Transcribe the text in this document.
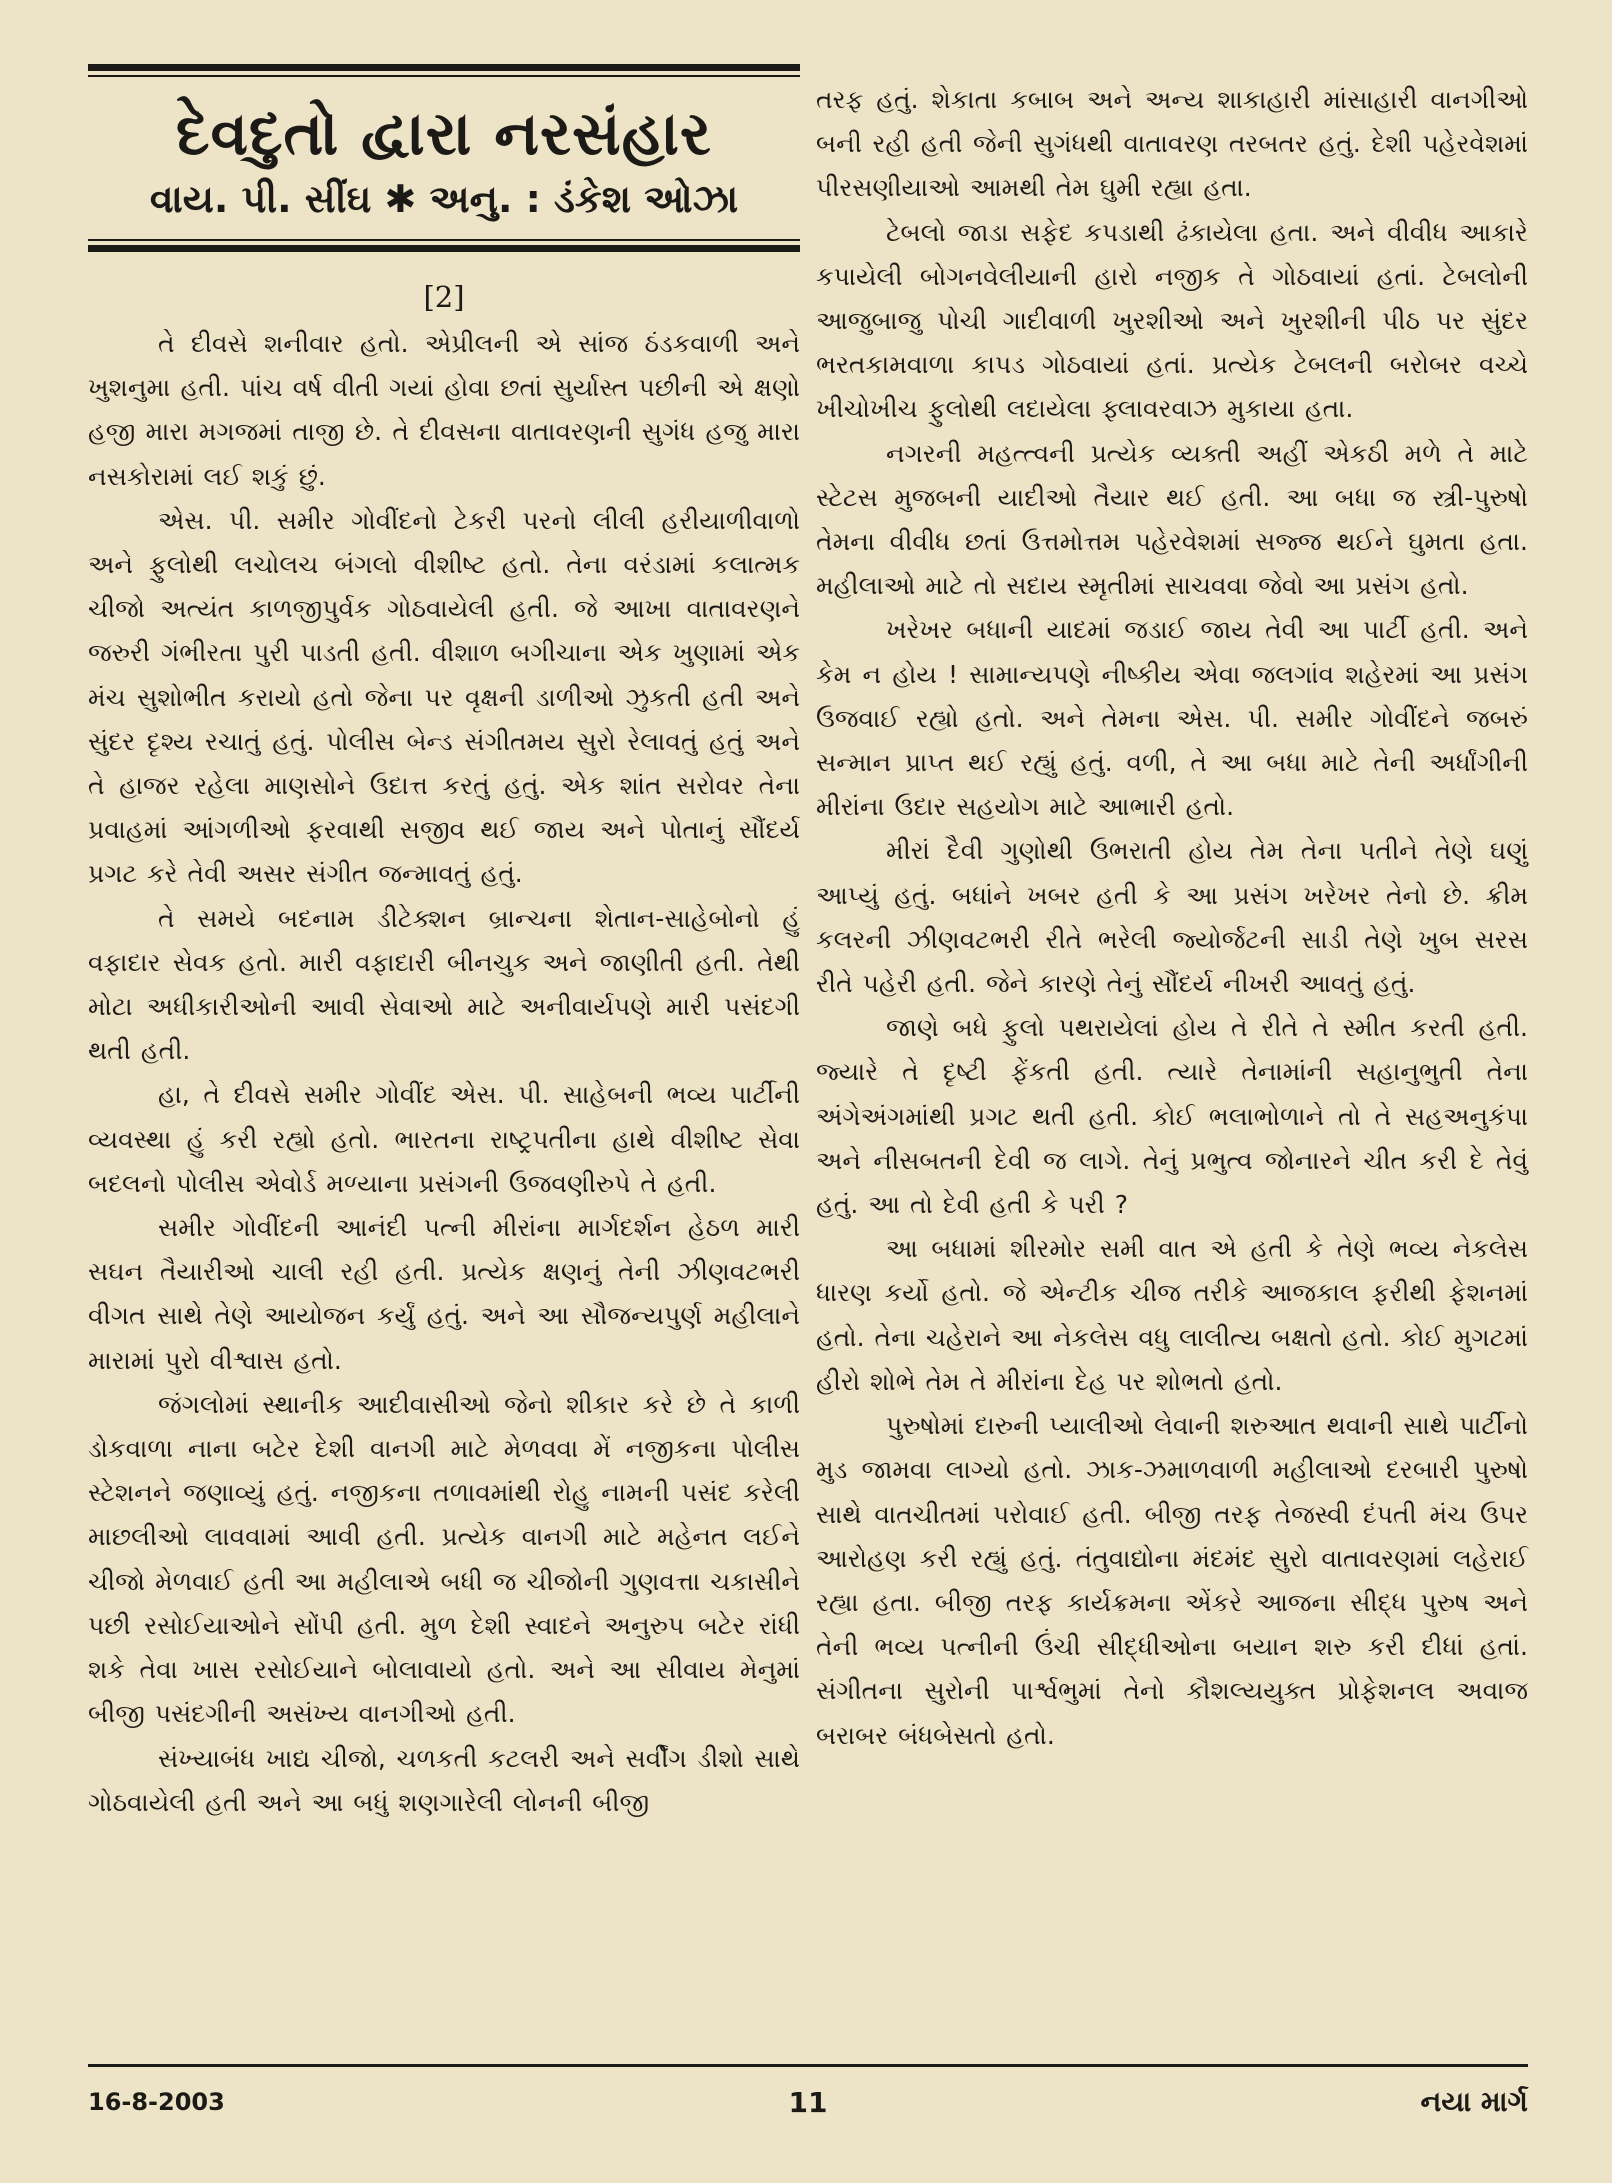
દેવદુતો દ્વારા નરસંહાર
વાય. પી. સીંઘ ✱ અનુ. : ડંકેશ ઓઝા
[2]

તે દીવસે શનીવાર હતો. એપ્રીલની એ સાંજ ઠંડકવાળી અને ખુશનુમા હતી. પાંચ વર્ષ વીતી ગયાં હોવા છતાં સુર્યાસ્ત પછીની એ ક્ષણો હજી મારા મગજમાં તાજી છે. તે દીવસના વાતાવરણની સુગંધ હજુ મારા નસકોરામાં લઈ શકું છું.

એસ. પી. સમીર ગોવીંદનો ટેકરી પરનો લીલી હરીયાળીવાળો અને ફુલોથી લચોલચ બંગલો વીશીષ્ટ હતો. તેના વરંડામાં કલાત્મક ચીજો અત્યંત કાળજીપુર્વક ગોઠવાયેલી હતી. જે આખા વાતાવરણને જરુરી ગંભીરતા પુરી પાડતી હતી. વીશાળ બગીચાના એક ખુણામાં એક મંચ સુશોભીત કરાયો હતો જેના પર વૃક્ષની ડાળીઓ ઝુકતી હતી અને સુંદર દૃશ્ય રચાતું હતું. પોલીસ બેન્ડ સંગીતમય સુરો રેલાવતું હતું અને તે હાજર રહેલા માણસોને ઉદાત્ત કરતું હતું. એક શાંત સરોવર તેના પ્રવાહમાં આંગળીઓ ફરવાથી સજીવ થઈ જાય અને પોતાનું સૌંદર્ય પ્રગટ કરે તેવી અસર સંગીત જન્માવતું હતું.

તે સમયે બદનામ ડીટેક્શન બ્રાન્ચના શેતાન-સાહેબોનો હું વફાદાર સેવક હતો. મારી વફાદારી બીનચુક અને જાણીતી હતી. તેથી મોટા અધીકારીઓની આવી સેવાઓ માટે અનીવાર્યપણે મારી પસંદગી થતી હતી.

હા, તે દીવસે સમીર ગોવીંદ એસ. પી. સાહેબની ભવ્ય પાર્ટીની વ્યવસ્થા હું કરી રહ્યો હતો. ભારતના રાષ્ટ્રપતીના હાથે વીશીષ્ટ સેવા બદલનો પોલીસ એવોર્ડ મળ્યાના પ્રસંગની ઉજવણીરુપે તે હતી.

સમીર ગોવીંદની આનંદી પત્ની મીરાંના માર્ગદર્શન હેઠળ મારી સઘન તૈયારીઓ ચાલી રહી હતી. પ્રત્યેક ક્ષણનું તેની ઝીણવટભરી વીગત સાથે તેણે આયોજન કર્યું હતું. અને આ સૌજન્યપુર્ણ મહીલાને મારામાં પુરો વીશ્વાસ હતો.

જંગલોમાં સ્થાનીક આદીવાસીઓ જેનો શીકાર કરે છે તે કાળી ડોકવાળા નાના બટેર દેશી વાનગી માટે મેળવવા મેં નજીકના પોલીસ સ્ટેશનને જણાવ્યું હતું. નજીકના તળાવમાંથી રોહુ નામની પસંદ કરેલી માછલીઓ લાવવામાં આવી હતી. પ્રત્યેક વાનગી માટે મહેનત લઈને ચીજો મેળવાઈ હતી આ મહીલાએ બધી જ ચીજોની ગુણવત્તા ચકાસીને પછી રસોઈયાઓને સોંપી હતી. મુળ દેશી સ્વાદને અનુરુપ બટેર રાંધી શકે તેવા ખાસ રસોઈયાને બોલાવાયો હતો. અને આ સીવાય મેનુમાં બીજી પસંદગીની અસંખ્ય વાનગીઓ હતી.

સંખ્યાબંધ ખાદ્ય ચીજો, ચળકતી કટલરી અને સર્વીંગ ડીશો સાથે ગોઠવાયેલી હતી અને આ બધું શણગારેલી લોનની બીજી

તરફ હતું. શેકાતા કબાબ અને અન્ય શાકાહારી માંસાહારી વાનગીઓ બની રહી હતી જેની સુગંધથી વાતાવરણ તરબતર હતું. દેશી પહેરવેશમાં પીરસણીયાઓ આમથી તેમ ઘુમી રહ્યા હતા.

ટેબલો જાડા સફેદ કપડાથી ઢંકાયેલા હતા. અને વીવીધ આકારે કપાયેલી બોગનવેલીયાની હારો નજીક તે ગોઠવાયાં હતાં. ટેબલોની આજુબાજુ પોચી ગાદીવાળી ખુરશીઓ અને ખુરશીની પીઠ પર સુંદર ભરતકામવાળા કાપડ ગોઠવાયાં હતાં. પ્રત્યેક ટેબલની બરોબર વચ્ચે ખીચોખીચ ફુલોથી લદાયેલા ફ્લાવરવાઝ મુકાયા હતા.

નગરની મહત્ત્વની પ્રત્યેક વ્યક્તી અહીં એકઠી મળે તે માટે સ્ટેટસ મુજબની યાદીઓ તૈયાર થઈ હતી. આ બધા જ સ્ત્રી-પુરુષો તેમના વીવીધ છતાં ઉત્તમોત્તમ પહેરવેશમાં સજ્જ થઈને ઘુમતા હતા. મહીલાઓ માટે તો સદાય સ્મૃતીમાં સાચવવા જેવો આ પ્રસંગ હતો.

ખરેખર બધાની યાદમાં જડાઈ જાય તેવી આ પાર્ટી હતી. અને કેમ ન હોય ! સામાન્યપણે નીષ્કીય એવા જલગાંવ શહેરમાં આ પ્રસંગ ઉજવાઈ રહ્યો હતો. અને તેમના એસ. પી. સમીર ગોવીંદને જબરું સન્માન પ્રાપ્ત થઈ રહ્યું હતું. વળી, તે આ બધા માટે તેની અર્ધાંગીની મીરાંના ઉદાર સહયોગ માટે આભારી હતો.

મીરાં દૈવી ગુણોથી ઉભરાતી હોય તેમ તેના પતીને તેણે ઘણું આપ્યું હતું. બધાંને ખબર હતી કે આ પ્રસંગ ખરેખર તેનો છે. ક્રીમ કલરની ઝીણવટભરી રીતે ભરેલી જ્યોર્જટની સાડી તેણે ખુબ સરસ રીતે પહેરી હતી. જેને કારણે તેનું સૌંદર્ય નીખરી આવતું હતું.

જાણે બધે ફુલો પથરાયેલાં હોય તે રીતે તે સ્મીત કરતી હતી. જ્યારે તે દૃષ્ટી ફેંકતી હતી. ત્યારે તેનામાંની સહાનુભુતી તેના અંગેઅંગમાંથી પ્રગટ થતી હતી. કોઈ ભલાભોળાને તો તે સહઅનુકંપા અને નીસબતની દેવી જ લાગે. તેનું પ્રભુત્વ જોનારને ચીત કરી દે તેવું હતું. આ તો દેવી હતી કે પરી ?

આ બધામાં શીરમોર સમી વાત એ હતી કે તેણે ભવ્ય નેકલેસ ધારણ કર્યો હતો. જે એન્ટીક ચીજ તરીકે આજકાલ ફરીથી ફેશનમાં હતો. તેના ચહેરાને આ નેકલેસ વધુ લાલીત્ય બક્ષતો હતો. કોઈ મુગટમાં હીરો શોભે તેમ તે મીરાંના દેહ પર શોભતો હતો.

પુરુષોમાં દારુની પ્યાલીઓ લેવાની શરુઆત થવાની સાથે પાર્ટીનો મુડ જામવા લાગ્યો હતો. ઝાક-ઝમાળવાળી મહીલાઓ દરબારી પુરુષો સાથે વાતચીતમાં પરોવાઈ હતી. બીજી તરફ તેજસ્વી દંપતી મંચ ઉપર આરોહણ કરી રહ્યું હતું. તંતુવાદ્યોના મંદમંદ સુરો વાતાવરણમાં લહેરાઈ રહ્યા હતા. બીજી તરફ કાર્યક્રમના એંકરે આજના સીદ્ધ પુરુષ અને તેની ભવ્ય પત્નીની ઉંચી સીદ્ધીઓના બયાન શરુ કરી દીધાં હતાં. સંગીતના સુરોની પાર્શ્વભુમાં તેનો કૌશલ્યયુક્ત પ્રોફેશનલ અવાજ બરાબર બંધબેસતો હતો.

16-8-2003	11	નયા માર્ગ
